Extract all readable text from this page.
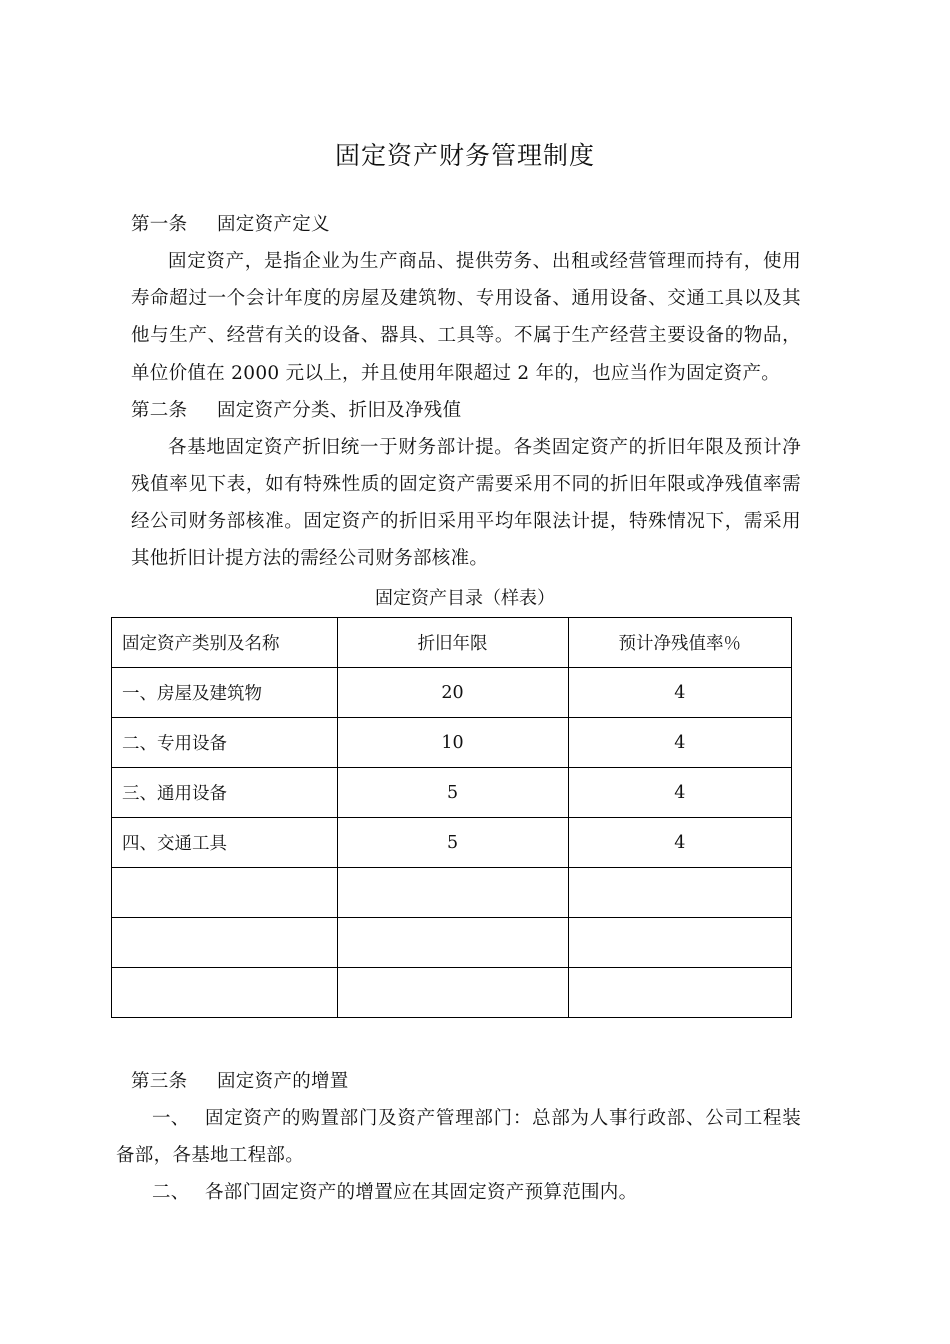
固定资产财务管理制度
第一条 固定资产定义
固定资产，是指企业为生产商品、提供劳务、出租或经营管理而持有，使用
寿命超过一个会计年度的房屋及建筑物、专用设备、通用设备、交通工具以及其
他与生产、经营有关的设备、器具、工具等。不属于生产经营主要设备的物品，
单位价值在 2000 元以上，并且使用年限超过 2 年的，也应当作为固定资产。
第二条 固定资产分类、折旧及净残值
各基地固定资产折旧统一于财务部计提。各类固定资产的折旧年限及预计净
残值率见下表，如有特殊性质的固定资产需要采用不同的折旧年限或净残值率需
经公司财务部核准。固定资产的折旧采用平均年限法计提，特殊情况下，需采用
其他折旧计提方法的需经公司财务部核准。
固定资产目录（样表）
固定资产类别及名称	折旧年限	预计净残值率％
一、房屋及建筑物	20	4
二、专用设备	10	4
三、通用设备	5	4
四、交通工具	5	4

第三条 固定资产的增置
一、 固定资产的购置部门及资产管理部门：总部为人事行政部、公司工程装
备部，各基地工程部。
二、 各部门固定资产的增置应在其固定资产预算范围内。
